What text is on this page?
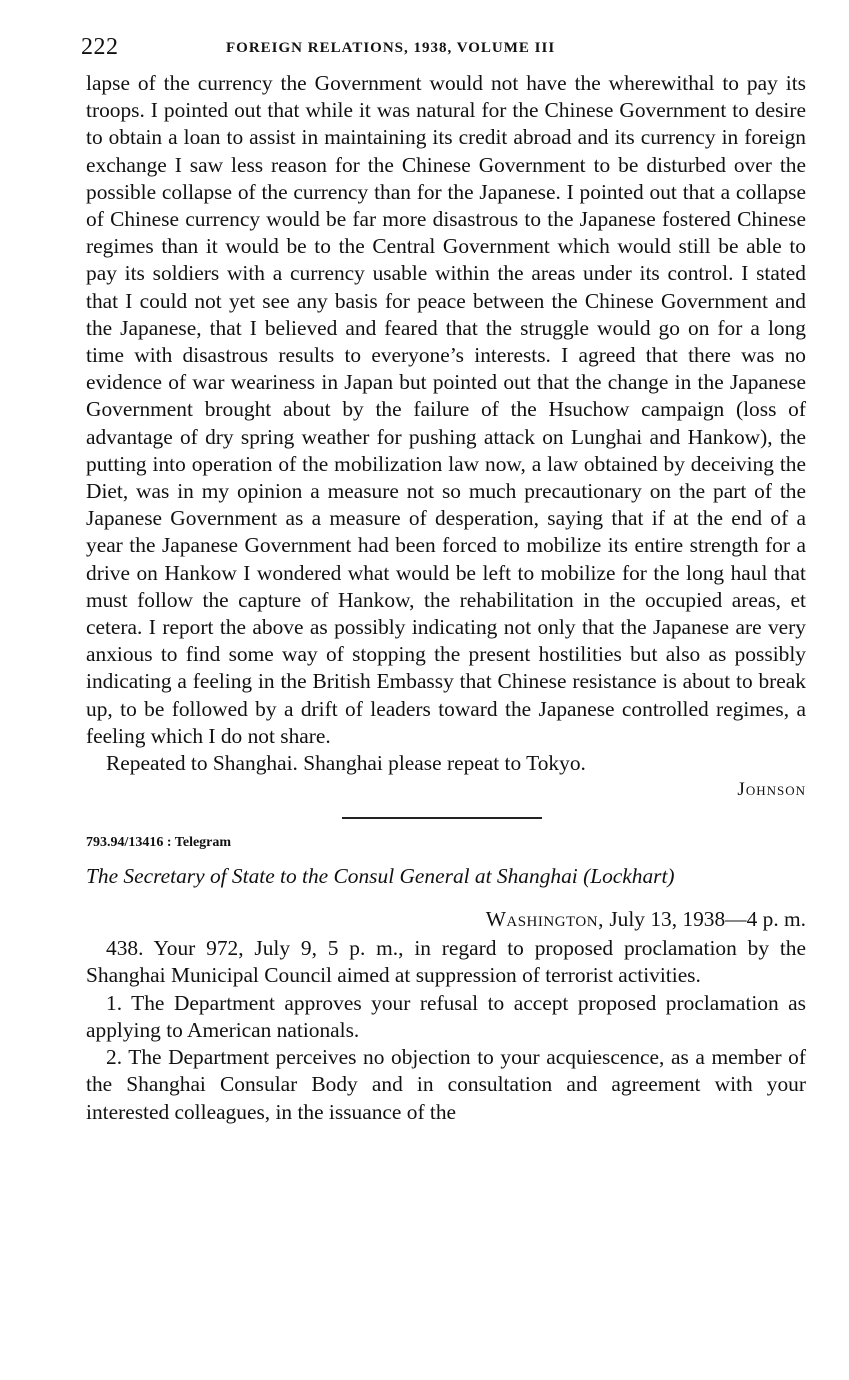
222	FOREIGN RELATIONS, 1938, VOLUME III

lapse of the currency the Government would not have the wherewithal to pay its troops. I pointed out that while it was natural for the Chinese Government to desire to obtain a loan to assist in maintaining its credit abroad and its currency in foreign exchange I saw less reason for the Chinese Government to be disturbed over the possible collapse of the currency than for the Japanese. I pointed out that a collapse of Chinese currency would be far more disastrous to the Japanese fostered Chinese regimes than it would be to the Central Government which would still be able to pay its soldiers with a currency usable within the areas under its control. I stated that I could not yet see any basis for peace between the Chinese Government and the Japanese, that I believed and feared that the struggle would go on for a long time with disastrous results to everyone’s interests. I agreed that there was no evidence of war weariness in Japan but pointed out that the change in the Japanese Government brought about by the failure of the Hsuchow campaign (loss of advantage of dry spring weather for pushing attack on Lunghai and Hankow), the putting into operation of the mobilization law now, a law obtained by deceiving the Diet, was in my opinion a measure not so much precautionary on the part of the Japanese Government as a measure of desperation, saying that if at the end of a year the Japanese Government had been forced to mobilize its entire strength for a drive on Hankow I wondered what would be left to mobilize for the long haul that must follow the capture of Hankow, the rehabilitation in the occupied areas, et cetera. I report the above as possibly indicating not only that the Japanese are very anxious to find some way of stopping the present hostilities but also as possibly indicating a feeling in the British Embassy that Chinese resistance is about to break up, to be followed by a drift of leaders toward the Japanese controlled regimes, a feeling which I do not share.

Repeated to Shanghai. Shanghai please repeat to Tokyo.

Johnson

793.94/13416 : Telegram

The Secretary of State to the Consul General at Shanghai (Lockhart)

Washington, July 13, 1938—4 p. m.

438. Your 972, July 9, 5 p. m., in regard to proposed proclamation by the Shanghai Municipal Council aimed at suppression of terrorist activities.

1. The Department approves your refusal to accept proposed proclamation as applying to American nationals.

2. The Department perceives no objection to your acquiescence, as a member of the Shanghai Consular Body and in consultation and agreement with your interested colleagues, in the issuance of the
